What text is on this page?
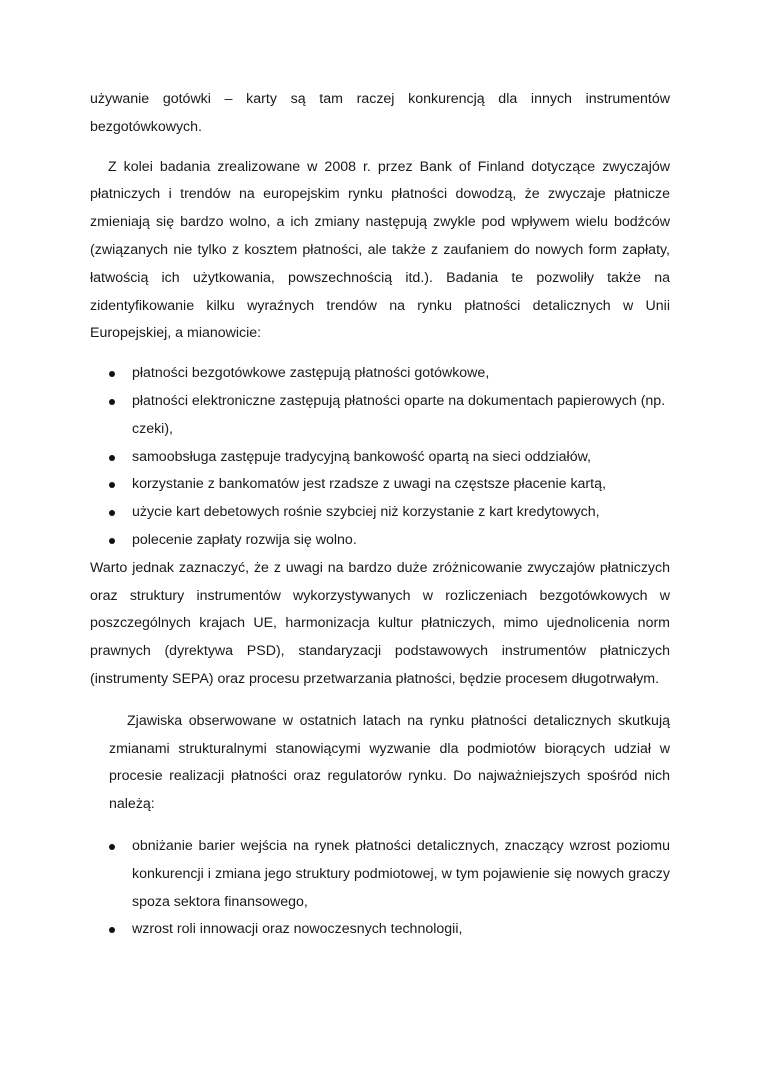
używanie gotówki – karty są tam raczej konkurencją dla innych instrumentów bezgotówkowych.

Z kolei badania zrealizowane w 2008 r. przez Bank of Finland dotyczące zwyczajów płatniczych i trendów na europejskim rynku płatności dowodzą, że zwyczaje płatnicze zmieniają się bardzo wolno, a ich zmiany następują zwykle pod wpływem wielu bodźców (związanych nie tylko z kosztem płatności, ale także z zaufaniem do nowych form zapłaty, łatwością ich użytkowania, powszechnością itd.). Badania te pozwoliły także na zidentyfikowanie kilku wyraźnych trendów na rynku płatności detalicznych w Unii Europejskiej, a mianowicie:

płatności bezgotówkowe zastępują płatności gotówkowe,
płatności elektroniczne zastępują płatności oparte na dokumentach papierowych (np. czeki),
samoobsługa zastępuje tradycyjną bankowość opartą na sieci oddziałów,
korzystanie z bankomatów jest rzadsze z uwagi na częstsze płacenie kartą,
użycie kart debetowych rośnie szybciej niż korzystanie z kart kredytowych,
polecenie zapłaty rozwija się wolno.

Warto jednak zaznaczyć, że z uwagi na bardzo duże zróżnicowanie zwyczajów płatniczych oraz struktury instrumentów wykorzystywanych w rozliczeniach bezgotówkowych w poszczególnych krajach UE, harmonizacja kultur płatniczych, mimo ujednolicenia norm prawnych (dyrektywa PSD), standaryzacji podstawowych instrumentów płatniczych (instrumenty SEPA) oraz procesu przetwarzania płatności, będzie procesem długotrwałym.

Zjawiska obserwowane w ostatnich latach na rynku płatności detalicznych skutkują zmianami strukturalnymi stanowiącymi wyzwanie dla podmiotów biorących udział w procesie realizacji płatności oraz regulatorów rynku. Do najważniejszych spośród nich należą:

obniżanie barier wejścia na rynek płatności detalicznych, znaczący wzrost poziomu konkurencji i zmiana jego struktury podmiotowej, w tym pojawienie się nowych graczy spoza sektora finansowego,
wzrost roli innowacji oraz nowoczesnych technologii,
